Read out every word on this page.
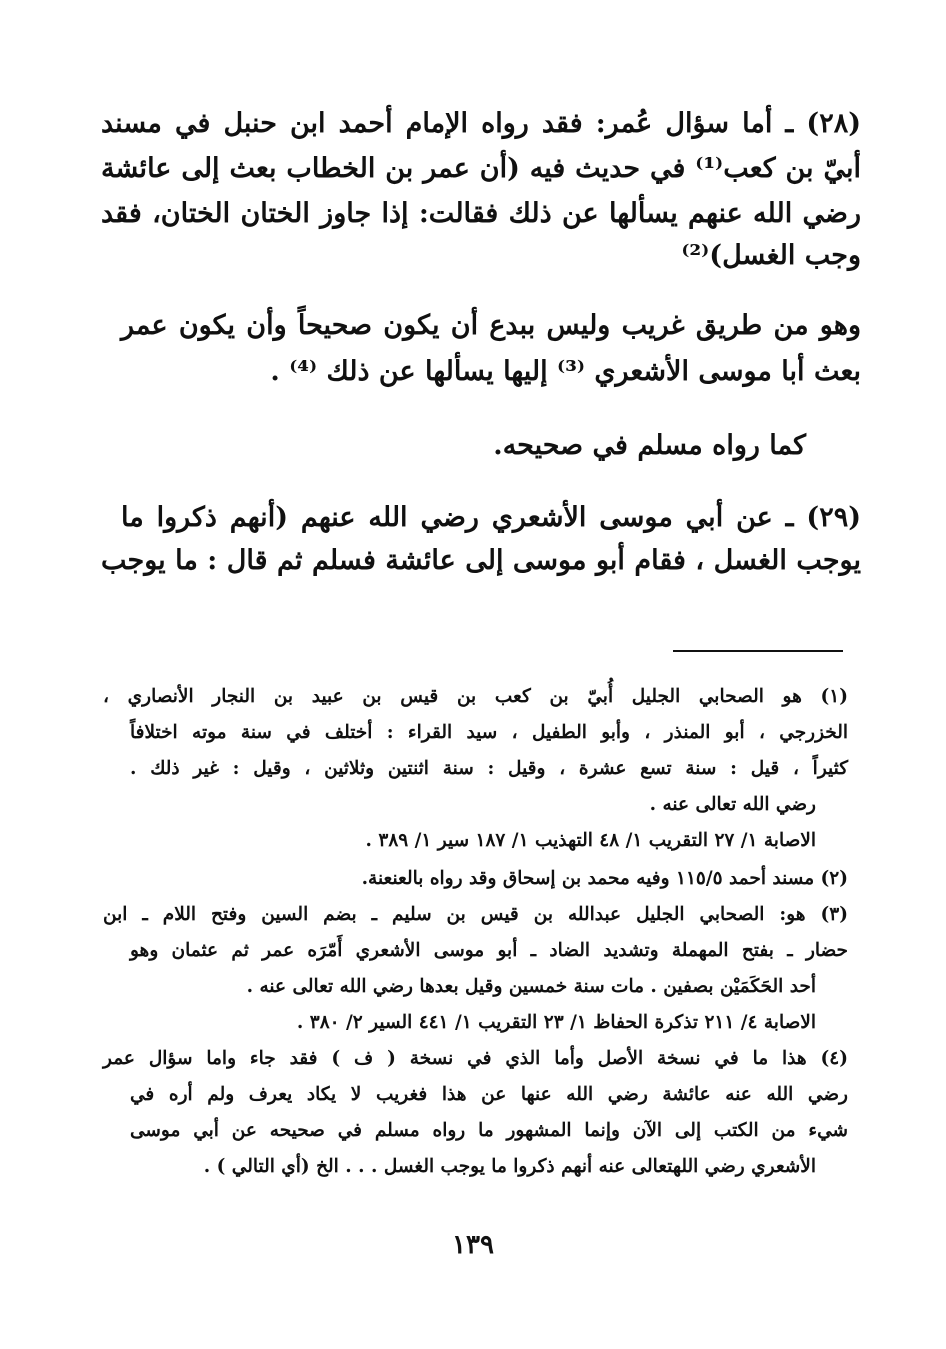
(٢٨) ـ أما سؤال عُمر: فقد رواه الإمام أحمد ابن حنبل في مسند
أبيّ بن كعب⁽¹⁾ في حديث فيه (أن عمر بن الخطاب بعث إلى عائشة
رضي الله عنهم يسألها عن ذلك فقالت: إذا جاوز الختان الختان، فقد
وجب الغسل)⁽²⁾
وهو من طريق غريب وليس ببدع أن يكون صحيحاً وأن يكون عمر
بعث أبا موسى الأشعري ⁽³⁾ إليها يسألها عن ذلك ⁽⁴⁾ .
كما رواه مسلم في صحيحه.
(٢٩) ـ عن أبي موسى الأشعري رضي الله عنهم (أنهم ذكروا ما
يوجب الغسل ، فقام أبو موسى إلى عائشة فسلم ثم قال : ما يوجب
(١) هو الصحابي الجليل أُبيّ بن كعب بن قيس بن عبيد بن النجار الأنصاري ،
الخزرجي ، أبو المنذر ، وأبو الطفيل ، سيد القراء : أختلف في سنة موته اختلافاً
كثيراً ، قيل : سنة تسع عشرة ، وقيل : سنة اثنتين وثلاثين ، وقيل : غير ذلك .
رضي الله تعالى عنه .
الاصابة ١/ ٢٧ التقريب ١/ ٤٨ التهذيب ١/ ١٨٧ سير ١/ ٣٨٩ .
(٢) مسند أحمد ١١٥/٥ وفيه محمد بن إسحاق وقد رواه بالعنعنة.
(٣) هو: الصحابي الجليل عبدالله بن قيس بن سليم ـ بضم السين وفتح اللام ـ ابن
حضار ـ بفتح المهملة وتشديد الضاد ـ أبو موسى الأشعري أَمّرَه عمر ثم عثمان وهو
أحد الحَكَمَيْن بصفين . مات سنة خمسين وقيل بعدها رضي الله تعالى عنه .
الاصابة ٤/ ٢١١ تذكرة الحفاظ ١/ ٢٣ التقريب ١/ ٤٤١ السير ٢/ ٣٨٠ .
(٤) هذا ما في نسخة الأصل وأما الذي في نسخة ( ف ) فقد جاء واما سؤال عمر
رضي الله عنه عائشة رضي الله عنها عن هذا فغريب لا يكاد يعرف ولم أره في
شيء من الكتب إلى الآن وإنما المشهور ما رواه مسلم في صحيحه عن أبي موسى
الأشعري رضي اللهتعالى عنه أنهم ذكروا ما يوجب الغسل . . . الخ (أي التالي ) .
١٣٩
